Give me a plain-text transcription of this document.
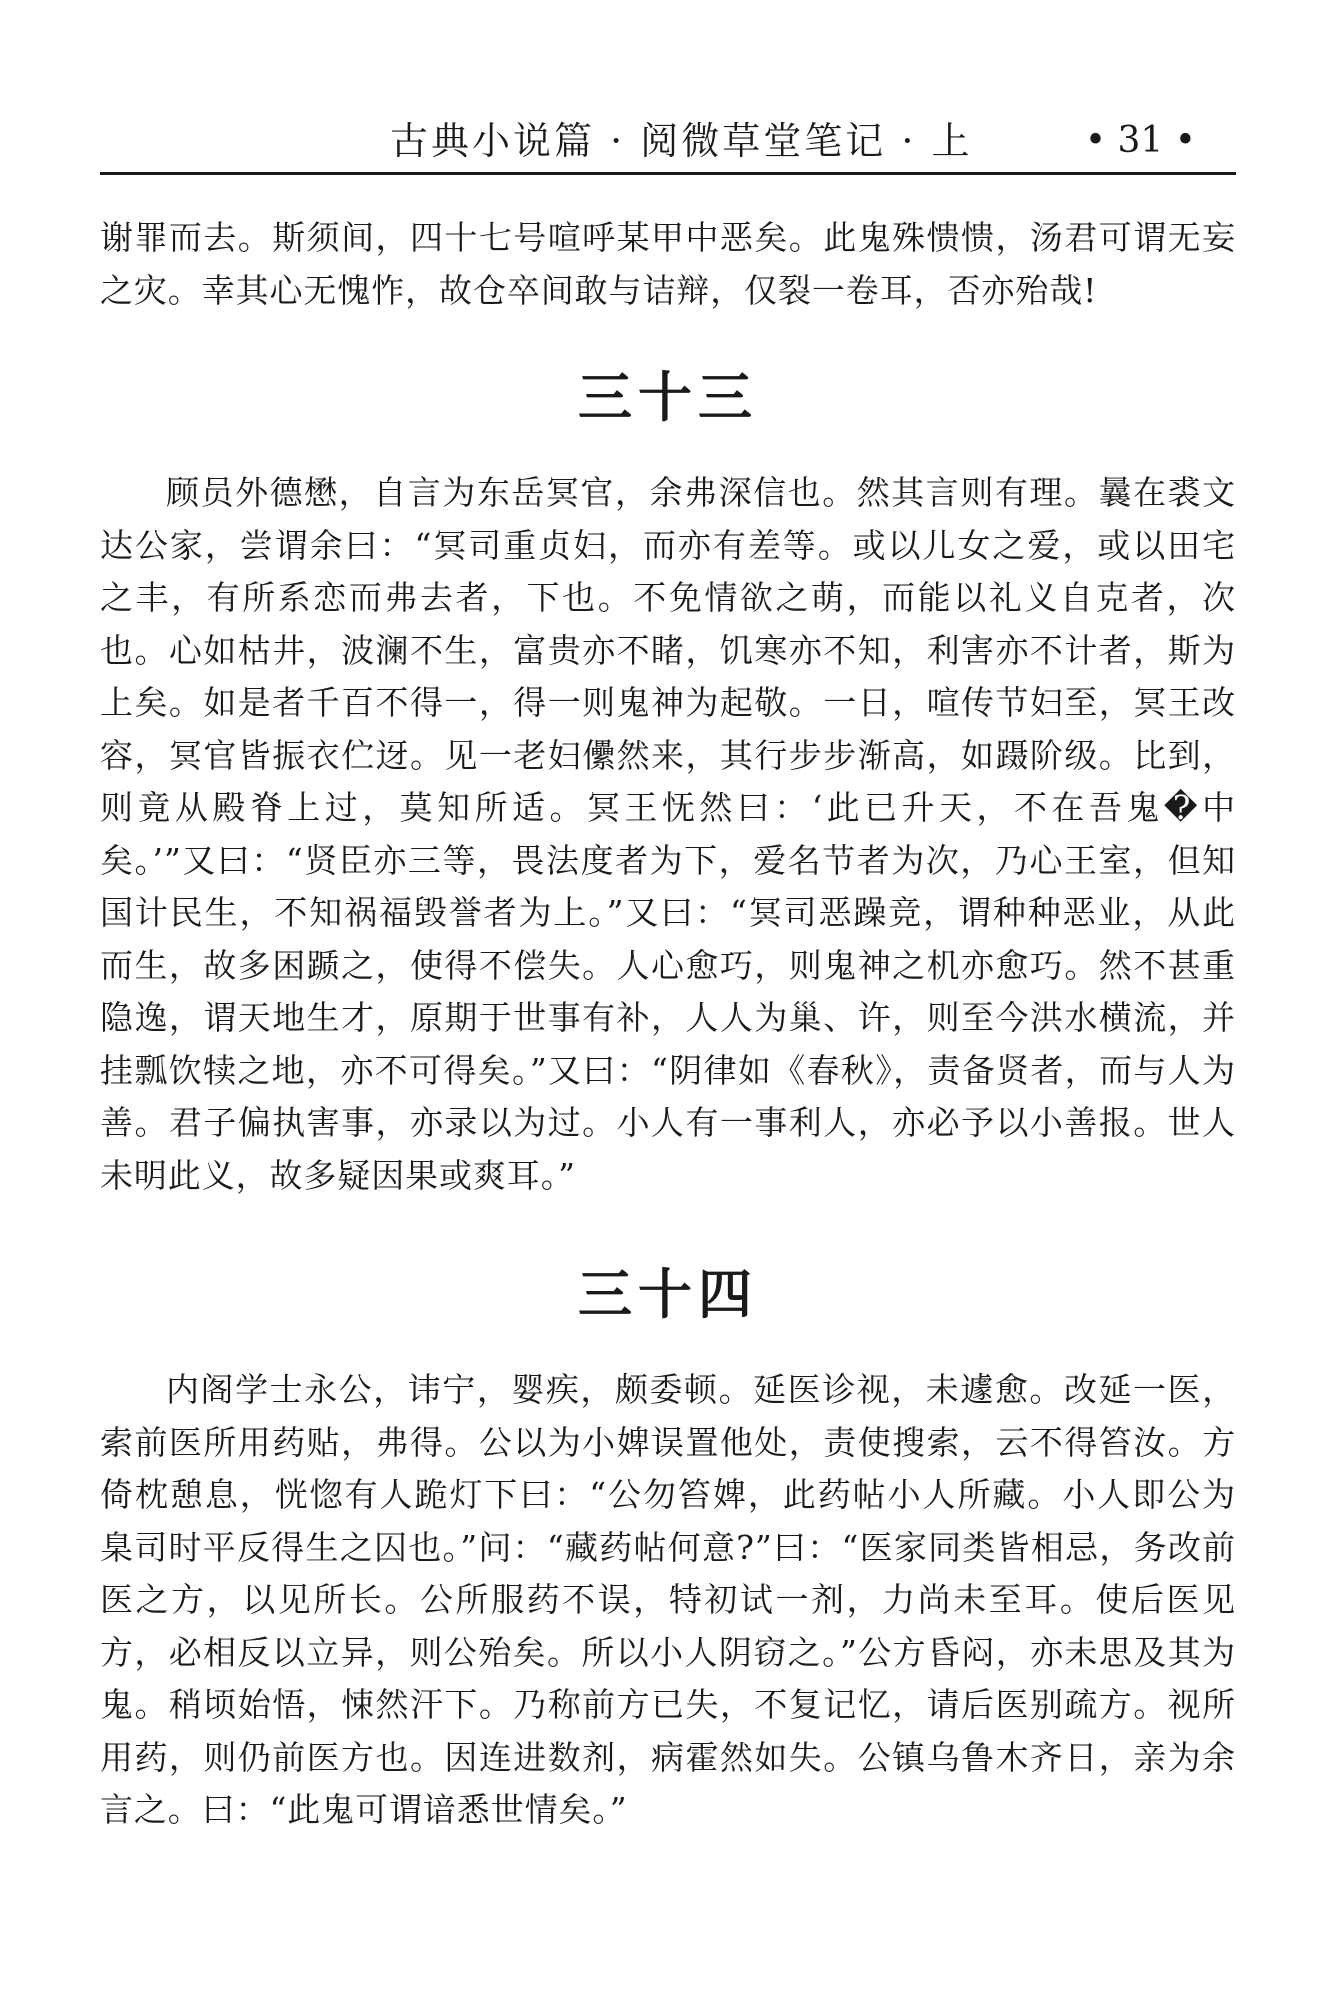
古典小说篇 · 阅微草堂笔记 · 上	• 31 •

谢罪而去。斯须间，四十七号喧呼某甲中恶矣。此鬼殊愦愦，汤君可谓无妄之灾。幸其心无愧怍，故仓卒间敢与诘辩，仅裂一卷耳，否亦殆哉!

三十三

顾员外德懋，自言为东岳冥官，余弗深信也。然其言则有理。曩在裘文达公家，尝谓余曰：“冥司重贞妇，而亦有差等。或以儿女之爱，或以田宅之丰，有所系恋而弗去者，下也。不免情欲之萌，而能以礼义自克者，次也。心如枯井，波澜不生，富贵亦不睹，饥寒亦不知，利害亦不计者，斯为上矣。如是者千百不得一，得一则鬼神为起敬。一日，喧传节妇至，冥王改容，冥官皆振衣伫迓。见一老妇儽然来，其行步步渐高，如蹑阶级。比到，则竟从殿脊上过，莫知所适。冥王怃然曰：‘此已升天，不在吾鬼�中矣。’”又曰：“贤臣亦三等，畏法度者为下，爱名节者为次，乃心王室，但知国计民生，不知祸福毁誉者为上。”又曰：“冥司恶躁竞，谓种种恶业，从此而生，故多困踬之，使得不偿失。人心愈巧，则鬼神之机亦愈巧。然不甚重隐逸，谓天地生才，原期于世事有补，人人为巢、许，则至今洪水横流，并挂瓢饮犊之地，亦不可得矣。”又曰：“阴律如《春秋》，责备贤者，而与人为善。君子偏执害事，亦录以为过。小人有一事利人，亦必予以小善报。世人未明此义，故多疑因果或爽耳。”

三十四

内阁学士永公，讳宁，婴疾，颇委顿。延医诊视，未遽愈。改延一医，索前医所用药贴，弗得。公以为小婢误置他处，责使搜索，云不得笞汝。方倚枕憩息，恍惚有人跪灯下曰：“公勿笞婢，此药帖小人所藏。小人即公为臬司时平反得生之囚也。”问：“藏药帖何意?”曰：“医家同类皆相忌，务改前医之方，以见所长。公所服药不误，特初试一剂，力尚未至耳。使后医见方，必相反以立异，则公殆矣。所以小人阴窃之。”公方昏闷，亦未思及其为鬼。稍顷始悟，悚然汗下。乃称前方已失，不复记忆，请后医别疏方。视所用药，则仍前医方也。因连进数剂，病霍然如失。公镇乌鲁木齐日，亲为余言之。曰：“此鬼可谓谙悉世情矣。”
